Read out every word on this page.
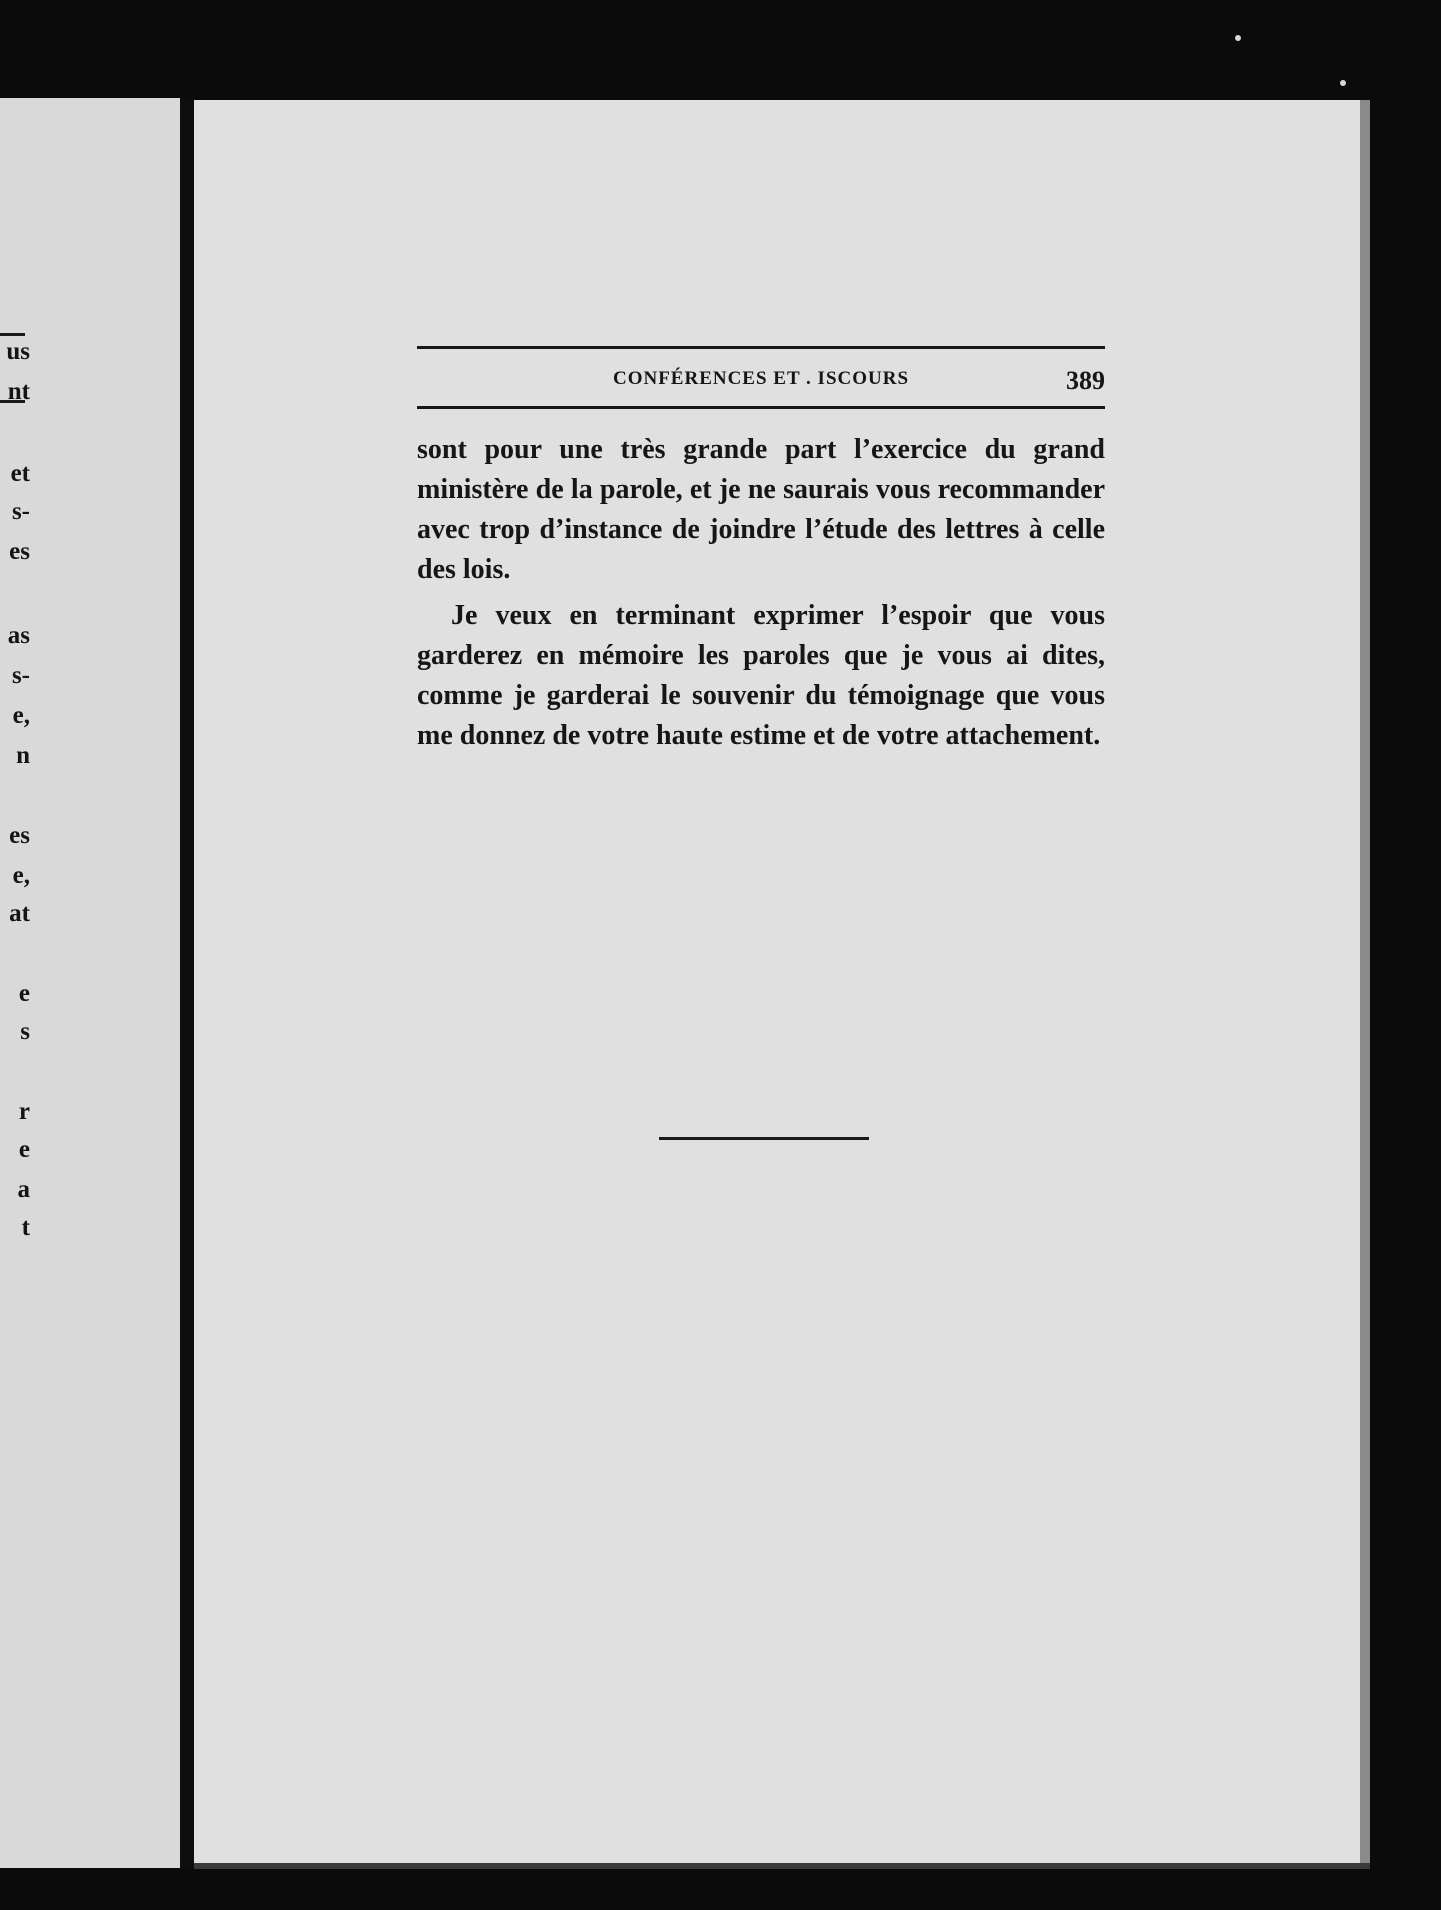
us
nt
et
s-
es
as
s-
e,
n
es
e,
at
e
s
r
e
a
t
CONFÉRENCES ET . ISCOURS	389

sont pour une très grande part l’exercice du grand ministère de la parole, et je ne saurais vous recommander avec trop d’instance de joindre l’étude des lettres à celle des lois.

Je veux en terminant exprimer l’espoir que vous garderez en mémoire les paroles que je vous ai dites, comme je garderai le souvenir du témoignage que vous me donnez de votre haute estime et de votre attachement.
